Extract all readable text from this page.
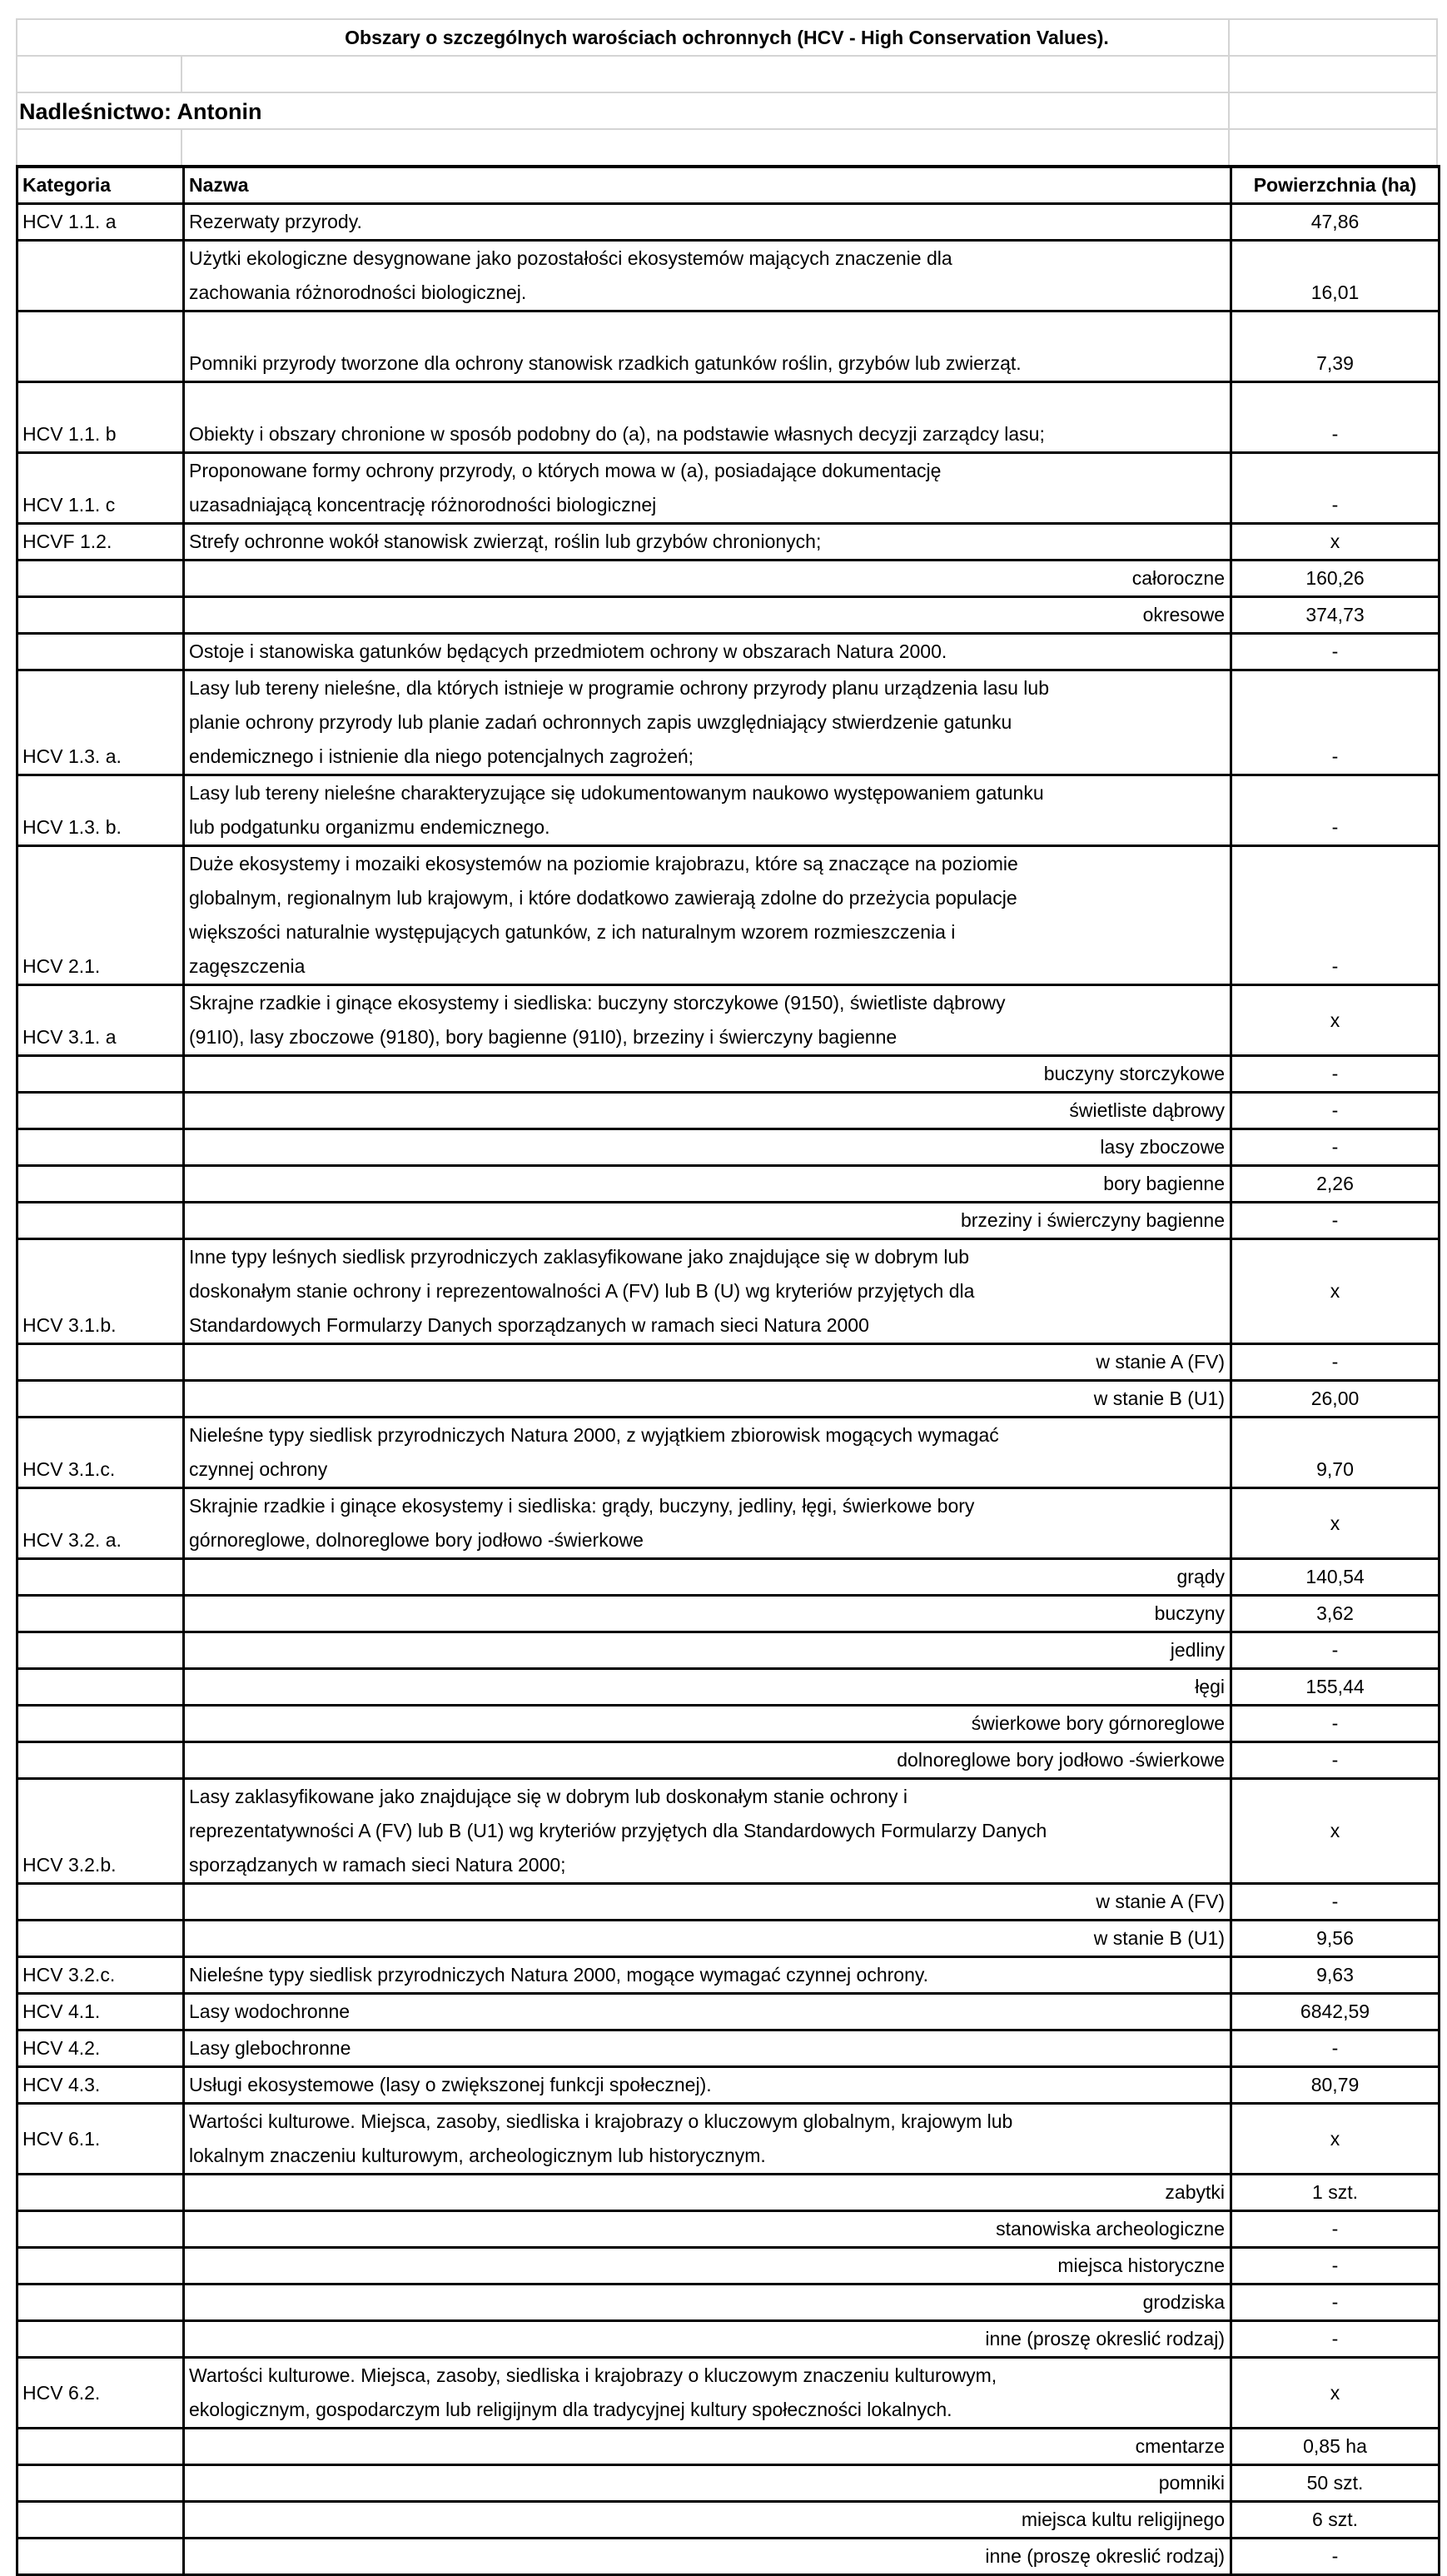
Obszary o szczególnych warościach ochronnych (HCV - High Conservation Values).
Nadleśnictwo: Antonin
Kategoria	Nazwa	Powierzchnia (ha)
HCV 1.1. a	Rezerwaty przyrody.	47,86

	Użytki ekologiczne desygnowane jako pozostałości ekosystemów mających znaczenie dla
zachowania różnorodności biologicznej.	16,01

	Pomniki przyrody tworzone dla ochrony stanowisk rzadkich gatunków roślin, grzybów lub zwierząt.	7,39
HCV 1.1. b	Obiekty i obszary chronione w sposób podobny do (a), na podstawie własnych decyzji zarządcy lasu;	-
HCV 1.1. c	Proponowane formy ochrony przyrody, o których mowa w (a), posiadające dokumentację
uzasadniającą koncentrację różnorodności biologicznej	-
HCVF 1.2.	Strefy ochronne wokół stanowisk zwierząt, roślin lub grzybów chronionych;	x
	całoroczne	160,26
	okresowe	374,73

	Ostoje i stanowiska gatunków będących przedmiotem ochrony w obszarach Natura 2000.	-
HCV 1.3. a.	Lasy lub tereny nieleśne, dla których istnieje w programie ochrony przyrody planu urządzenia lasu lub
planie ochrony przyrody lub planie zadań ochronnych zapis uwzględniający stwierdzenie gatunku
endemicznego i istnienie dla niego potencjalnych zagrożeń;	-
HCV 1.3. b.	Lasy lub tereny nieleśne charakteryzujące się udokumentowanym naukowo występowaniem gatunku
lub podgatunku organizmu endemicznego.	-
HCV 2.1.	Duże ekosystemy i mozaiki ekosystemów na poziomie krajobrazu, które są znaczące na poziomie
globalnym, regionalnym lub krajowym, i które dodatkowo zawierają zdolne do przeżycia populacje
większości naturalnie występujących gatunków, z ich naturalnym wzorem rozmieszczenia i
zagęszczenia	-
HCV 3.1. a	Skrajne rzadkie i ginące ekosystemy i siedliska: buczyny storczykowe (9150), świetliste dąbrowy
(91I0), lasy zboczowe (9180), bory bagienne (91I0), brzeziny i świerczyny bagienne	x
	buczyny storczykowe	-
	świetliste dąbrowy	-
	lasy zboczowe	-
	bory bagienne	2,26
	brzeziny i świerczyny bagienne	-
HCV 3.1.b.	Inne typy leśnych siedlisk przyrodniczych zaklasyfikowane jako znajdujące się w dobrym lub
doskonałym stanie ochrony i reprezentowalności A (FV) lub B (U) wg kryteriów przyjętych dla
Standardowych Formularzy Danych sporządzanych w ramach sieci Natura 2000	x
	w stanie A (FV)	-
	w stanie B (U1)	26,00
HCV 3.1.c.	Nieleśne typy siedlisk przyrodniczych Natura 2000, z wyjątkiem zbiorowisk mogących wymagać
czynnej ochrony	9,70
HCV 3.2. a.	Skrajnie rzadkie i ginące ekosystemy i siedliska: grądy, buczyny, jedliny, łęgi, świerkowe bory
górnoreglowe, dolnoreglowe bory jodłowo -świerkowe	x
	grądy	140,54
	buczyny	3,62
	jedliny	-
	łęgi	155,44
	świerkowe bory górnoreglowe	-
	dolnoreglowe bory jodłowo -świerkowe	-
HCV 3.2.b.	Lasy zaklasyfikowane jako znajdujące się w dobrym lub doskonałym stanie ochrony i
reprezentatywności A (FV) lub B (U1) wg kryteriów przyjętych dla Standardowych Formularzy Danych
sporządzanych w ramach sieci Natura 2000;	x
	w stanie A (FV)	-
	w stanie B (U1)	9,56
HCV 3.2.c.	Nieleśne typy siedlisk przyrodniczych Natura 2000, mogące wymagać czynnej ochrony.	9,63
HCV 4.1.	Lasy wodochronne	6842,59
HCV 4.2.	Lasy glebochronne	-
HCV 4.3.	Usługi ekosystemowe (lasy o zwiększonej funkcji społecznej).	80,79
HCV 6.1.	Wartości kulturowe. Miejsca, zasoby, siedliska i krajobrazy o kluczowym globalnym, krajowym lub
lokalnym znaczeniu kulturowym, archeologicznym lub historycznym.	x
	zabytki	1 szt.
	stanowiska archeologiczne	-
	miejsca historyczne	-
	grodziska	-
	inne (proszę okreslić rodzaj)	-
HCV 6.2.	Wartości kulturowe. Miejsca, zasoby, siedliska i krajobrazy o kluczowym znaczeniu kulturowym,
ekologicznym, gospodarczym lub religijnym dla tradycyjnej kultury społeczności lokalnych.	x
	cmentarze	0,85 ha
	pomniki	50 szt.
	miejsca kultu religijnego	6 szt.
	inne (proszę okreslić rodzaj)	-
